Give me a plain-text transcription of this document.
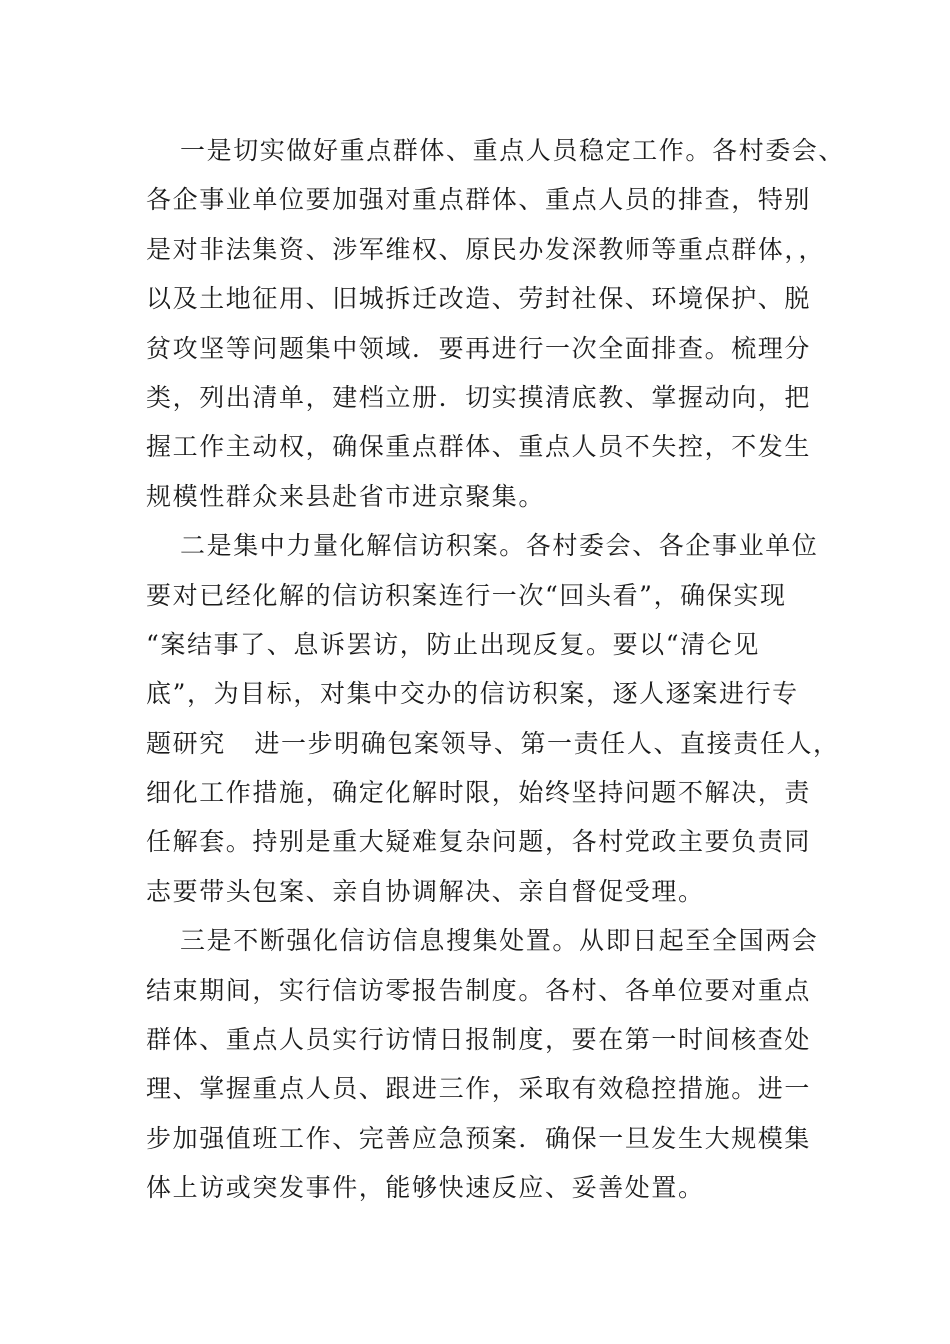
一是切实做好重点群体、重点人员稳定工作。各村委会、
各企事业单位要加强对重点群体、重点人员的排查，特别
是对非法集资、涉军维权、原民办发深教师等重点群体，，
以及土地征用、旧城拆迁改造、劳封社保、环境保护、脱
贫攻坚等问题集中领域．要再进行一次全面排查。梳理分
类，列出清单，建档立册．切实摸清底教、掌握动向，把
握工作主动权，确保重点群体、重点人员不失控，不发生
规模性群众来县赴省市进京聚集。
二是集中力量化解信访积案。各村委会、各企事业单位
要对已经化解的信访积案连行一次“回头看”，确保实现
“案结事了、息诉罢访，防止出现反复。要以“清仑见
底”，为目标，对集中交办的信访积案，逐人逐案进行专
题研究   进一步明确包案领导、第一责任人、直接责任人，
细化工作措施，确定化解时限，始终坚持问题不解决，责
任解套。持别是重大疑难复杂问题，各村党政主要负责同
志要带头包案、亲自协调解决、亲自督促受理。
三是不断强化信访信息搜集处置。从即日起至全国两会
结束期间，实行信访零报告制度。各村、各单位要对重点
群体、重点人员实行访情日报制度，要在第一时间核查处
理、掌握重点人员、跟进三作，采取有效稳控措施。进一
步加强值班工作、完善应急预案．确保一旦发生大规模集
体上访或突发事件，能够快速反应、妥善处置。
